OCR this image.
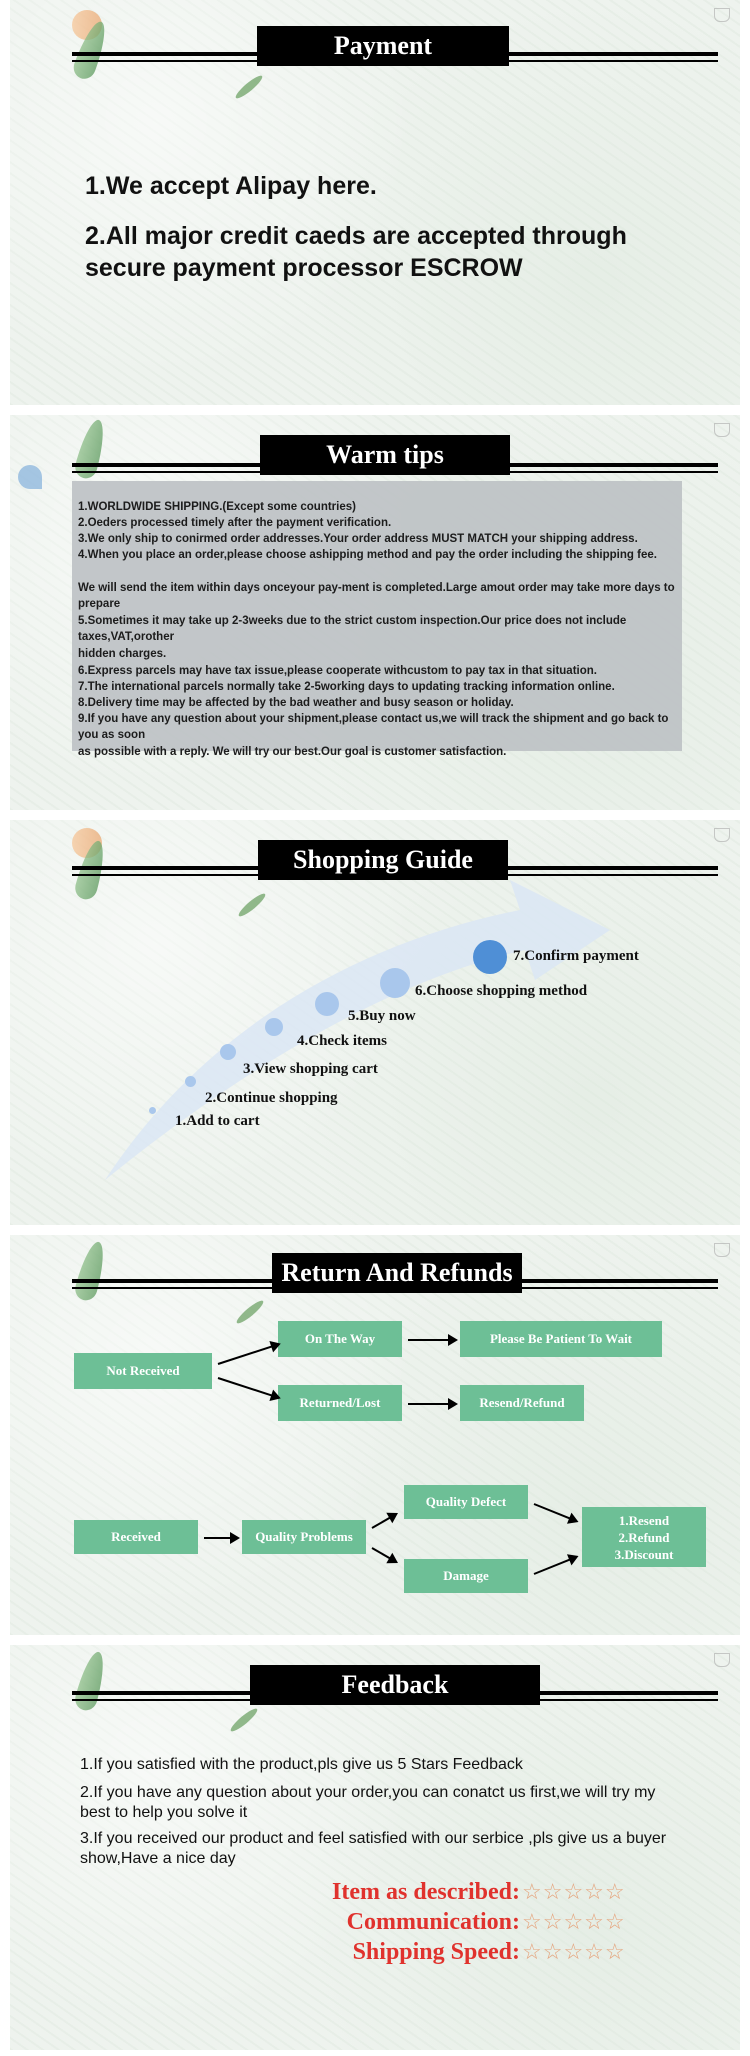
Payment
1.We accept Alipay here.
2.All major credit caeds are accepted through secure payment processor ESCROW
Warm tips
1.WORLDWIDE SHIPPING.(Except some countries)
2.Oeders processed timely after the payment verification.
3.We only ship to conirmed order addresses.Your order address MUST MATCH your shipping address.
4.When you place an order,please choose ashipping method and pay the order including the shipping fee.
We will send the item within days onceyour pay-ment is completed.Large amout order may take more days to prepare
5.Sometimes it may take up 2-3weeks due to the strict custom inspection.Our price does not include taxes,VAT,orother
hidden charges.
6.Express parcels may have tax issue,please cooperate withcustom to pay tax in that situation.
7.The international parcels normally take 2-5working days to updating tracking information online.
8.Delivery time may be affected by the bad weather and busy season or holiday.
9.If you have any question about your shipment,please contact us,we will track the shipment and go back to you as soon
as possible with a reply. We will try our best.Our goal is customer satisfaction.
Shopping Guide
1.Add to cart
2.Continue shopping
3.View shopping cart
4.Check items
5.Buy now
6.Choose shopping method
7.Confirm payment
Return And Refunds
Not Received
On The Way	Please Be Patient To Wait
Returned/Lost	Resend/Refund
Received	Quality Problems
Quality Defect
Damage
1.Resend
2.Refund
3.Discount
Feedback
1.If you satisfied with the product,pls give us 5 Stars Feedback
2.If you have any question about your order,you can conatct us first,we will try my best to help you solve it
3.If you received our product and feel satisfied with our serbice ,pls give us a buyer show,Have a nice day
Item as described: ☆☆☆☆☆
Communication: ☆☆☆☆☆
Shipping Speed: ☆☆☆☆☆
